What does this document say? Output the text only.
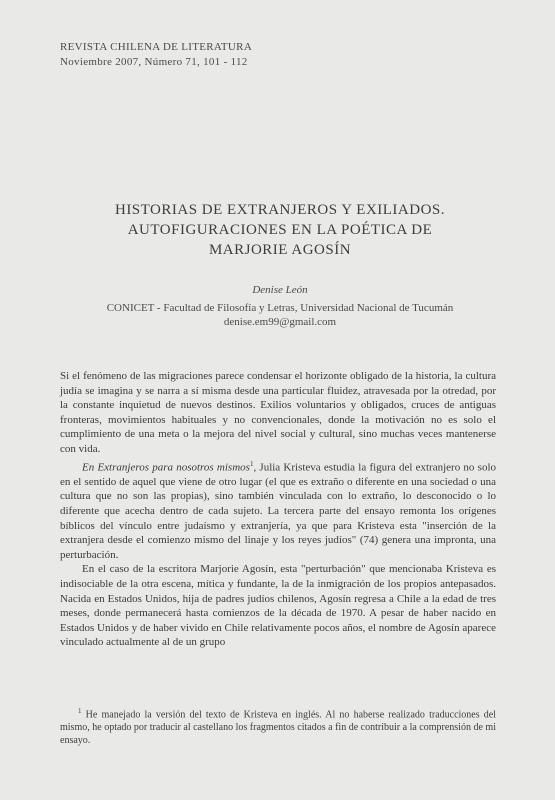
REVISTA CHILENA DE LITERATURA
Noviembre 2007, Número 71, 101 - 112
HISTORIAS DE EXTRANJEROS Y EXILIADOS.
AUTOFIGURACIONES EN LA POÉTICA DE
MARJORIE AGOSÍN
Denise León
CONICET - Facultad de Filosofía y Letras, Universidad Nacional de Tucumán
denise.em99@gmail.com

Si el fenómeno de las migraciones parece condensar el horizonte obligado de la historia, la cultura judía se imagina y se narra a sí misma desde una particular fluidez, atravesada por la otredad, por la constante inquietud de nuevos destinos. Exilios voluntarios y obligados, cruces de antiguas fronteras, movimientos habituales y no convencionales, donde la motivación no es solo el cumplimiento de una meta o la mejora del nivel social y cultural, sino muchas veces mantenerse con vida.

En Extranjeros para nosotros mismos$^1$, Julia Kristeva estudia la figura del extranjero no solo en el sentido de aquel que viene de otro lugar (el que es extraño o diferente en una sociedad o una cultura que no son las propias), sino también vinculada con lo extraño, lo desconocido o lo diferente que acecha dentro de cada sujeto. La tercera parte del ensayo remonta los orígenes bíblicos del vínculo entre judaísmo y extranjería, ya que para Kristeva esta "inserción de la extranjera desde el comienzo mismo del linaje y los reyes judíos" (74) genera una impronta, una perturbación.

En el caso de la escritora Marjorie Agosín, esta "perturbación" que mencionaba Kristeva es indisociable de la otra escena, mítica y fundante, la de la inmigración de los propios antepasados. Nacida en Estados Unidos, hija de padres judíos chilenos, Agosín regresa a Chile a la edad de tres meses, donde permanecerá hasta comienzos de la década de 1970. A pesar de haber nacido en Estados Unidos y de haber vivido en Chile relativamente pocos años, el nombre de Agosín aparece vinculado actualmente al de un grupo

$^1$ He manejado la versión del texto de Kristeva en inglés. Al no haberse realizado traducciones del mismo, he optado por traducir al castellano los fragmentos citados a fin de contribuir a la comprensión de mi ensayo.
